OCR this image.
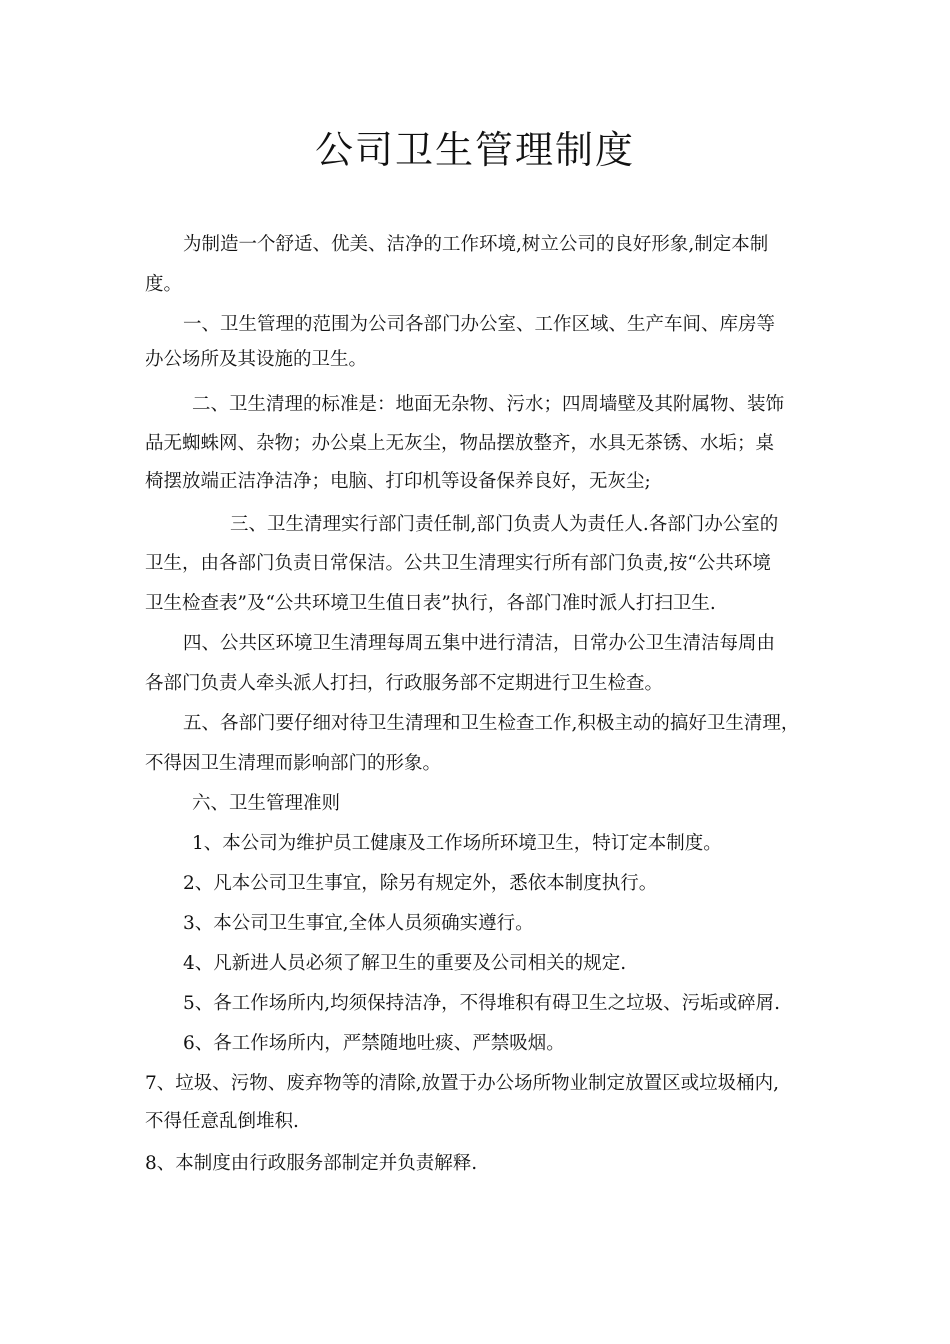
公司卫生管理制度

为制造一个舒适、优美、洁净的工作环境,树立公司的良好形象,制定本制

度。

一、卫生管理的范围为公司各部门办公室、工作区域、生产车间、库房等

办公场所及其设施的卫生。

二、卫生清理的标准是：地面无杂物、污水；四周墙壁及其附属物、装饰

品无蜘蛛网、杂物；办公桌上无灰尘，物品摆放整齐，水具无茶锈、水垢；桌

椅摆放端正洁净洁净；电脑、打印机等设备保养良好，无灰尘;

三、卫生清理实行部门责任制,部门负责人为责任人.各部门办公室的

卫生，由各部门负责日常保洁。公共卫生清理实行所有部门负责,按“公共环境

卫生检查表”及“公共环境卫生值日表”执行，各部门准时派人打扫卫生.

四、公共区环境卫生清理每周五集中进行清洁，日常办公卫生清洁每周由

各部门负责人牵头派人打扫，行政服务部不定期进行卫生检查。

五、各部门要仔细对待卫生清理和卫生检查工作,积极主动的搞好卫生清理，

不得因卫生清理而影响部门的形象。

六、卫生管理准则

1、本公司为维护员工健康及工作场所环境卫生，特订定本制度。

2、凡本公司卫生事宜，除另有规定外，悉依本制度执行。

3、本公司卫生事宜,全体人员须确实遵行。

4、凡新进人员必须了解卫生的重要及公司相关的规定.

5、各工作场所内,均须保持洁净，不得堆积有碍卫生之垃圾、污垢或碎屑.

6、各工作场所内，严禁随地吐痰、严禁吸烟。

7、垃圾、污物、废弃物等的清除,放置于办公场所物业制定放置区或垃圾桶内,

不得任意乱倒堆积.

8、本制度由行政服务部制定并负责解释.
